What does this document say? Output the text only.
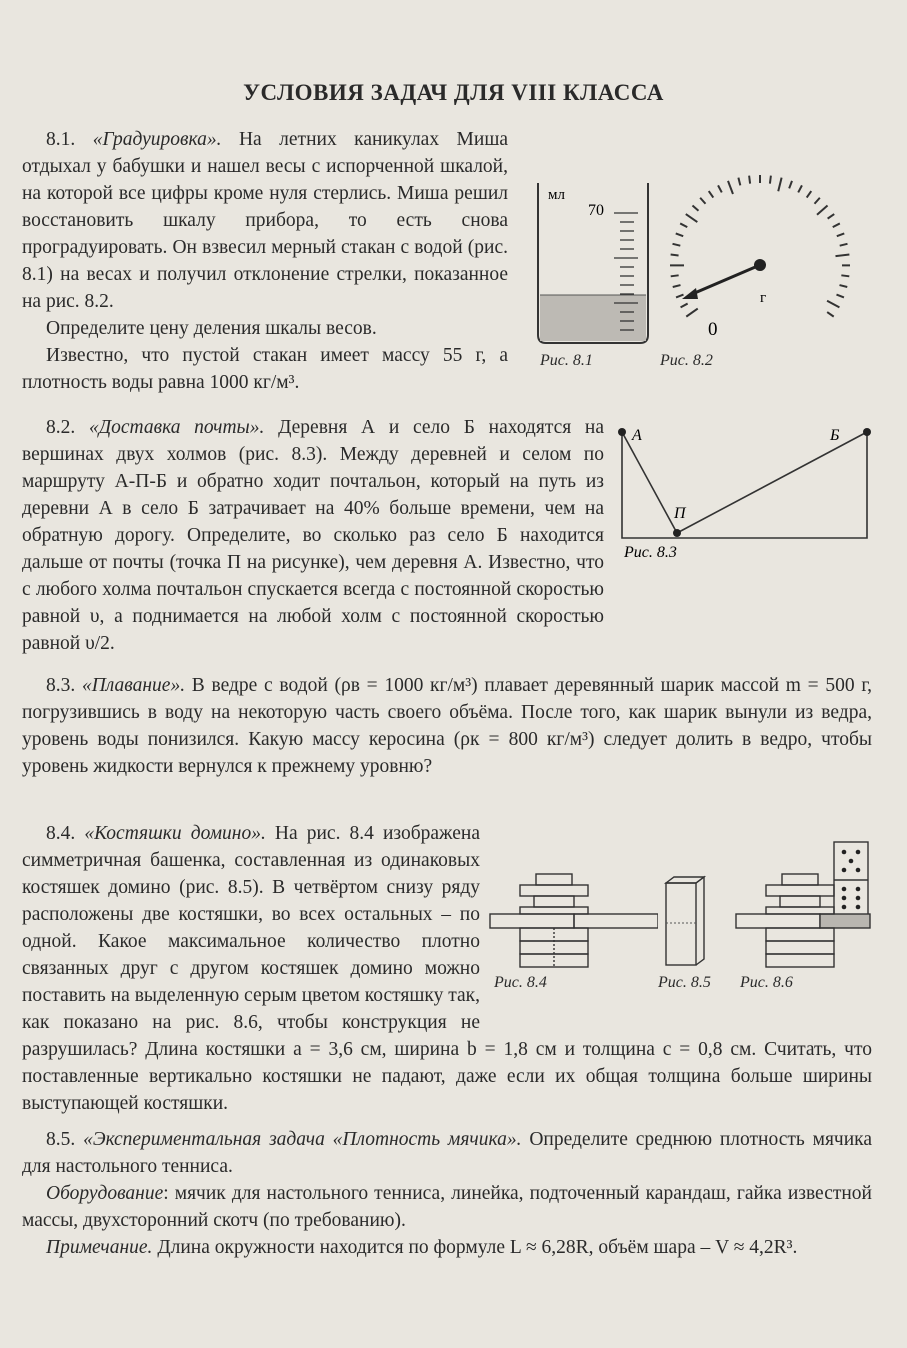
УСЛОВИЯ ЗАДАЧ ДЛЯ VIII КЛАССА

8.1. «Градуировка». На летних каникулах Миша отдыхал у бабушки и нашел весы с испорченной шкалой, на которой все цифры кроме нуля стерлись. Миша решил восстановить шкалу прибора, то есть снова проградуировать. Он взвесил мерный стакан с водой (рис. 8.1) на весах и получил отклонение стрелки, показанное на рис. 8.2.

Определите цену деления шкалы весов.

Известно, что пустой стакан имеет массу 55 г, а плотность воды равна 1000 кг/м³.

мл
70
Рис. 8.1
г
0
Рис. 8.2

8.2. «Доставка почты». Деревня А и село Б находятся на вершинах двух холмов (рис. 8.3). Между деревней и селом по маршруту А-П-Б и обратно ходит почтальон, который на путь из деревни А в село Б затрачивает на 40% больше времени, чем на обратную дорогу. Определите, во сколько раз село Б находится дальше от почты (точка П на рисунке), чем деревня А. Известно, что с любого холма почтальон спускается всегда с постоянной скоростью равной υ, а поднимается на любой холм с постоянной скоростью равной υ/2.

А	Б
П
Рис. 8.3

8.3. «Плавание». В ведре с водой (ρв = 1000 кг/м³) плавает деревянный шарик массой m = 500 г, погрузившись в воду на некоторую часть своего объёма. После того, как шарик вынули из ведра, уровень воды понизился. Какую массу керосина (ρк = 800 кг/м³) следует долить в ведро, чтобы уровень жидкости вернулся к прежнему уровню?

8.4. «Костяшки домино». На рис. 8.4 изображена симметричная башенка, составленная из одинаковых костяшек домино (рис. 8.5). В четвёртом снизу ряду расположены две костяшки, во всех остальных – по одной. Какое максимальное количество плотно связанных друг с другом костяшек домино можно поставить на выделенную серым цветом костяшку так, как показано на рис. 8.6, чтобы конструкция не разрушилась? Длина костяшки a = 3,6 см, ширина b = 1,8 см и толщина c = 0,8 см. Считать, что поставленные вертикально костяшки не падают, даже если их общая толщина больше ширины выступающей костяшки.

Рис. 8.4	Рис. 8.5 Рис. 8.6

8.5. «Экспериментальная задача «Плотность мячика». Определите среднюю плотность мячика для настольного тенниса.

Оборудование: мячик для настольного тенниса, линейка, подточенный карандаш, гайка известной массы, двухсторонний скотч (по требованию).

Примечание. Длина окружности находится по формуле L ≈ 6,28R, объём шара – V ≈ 4,2R³.
